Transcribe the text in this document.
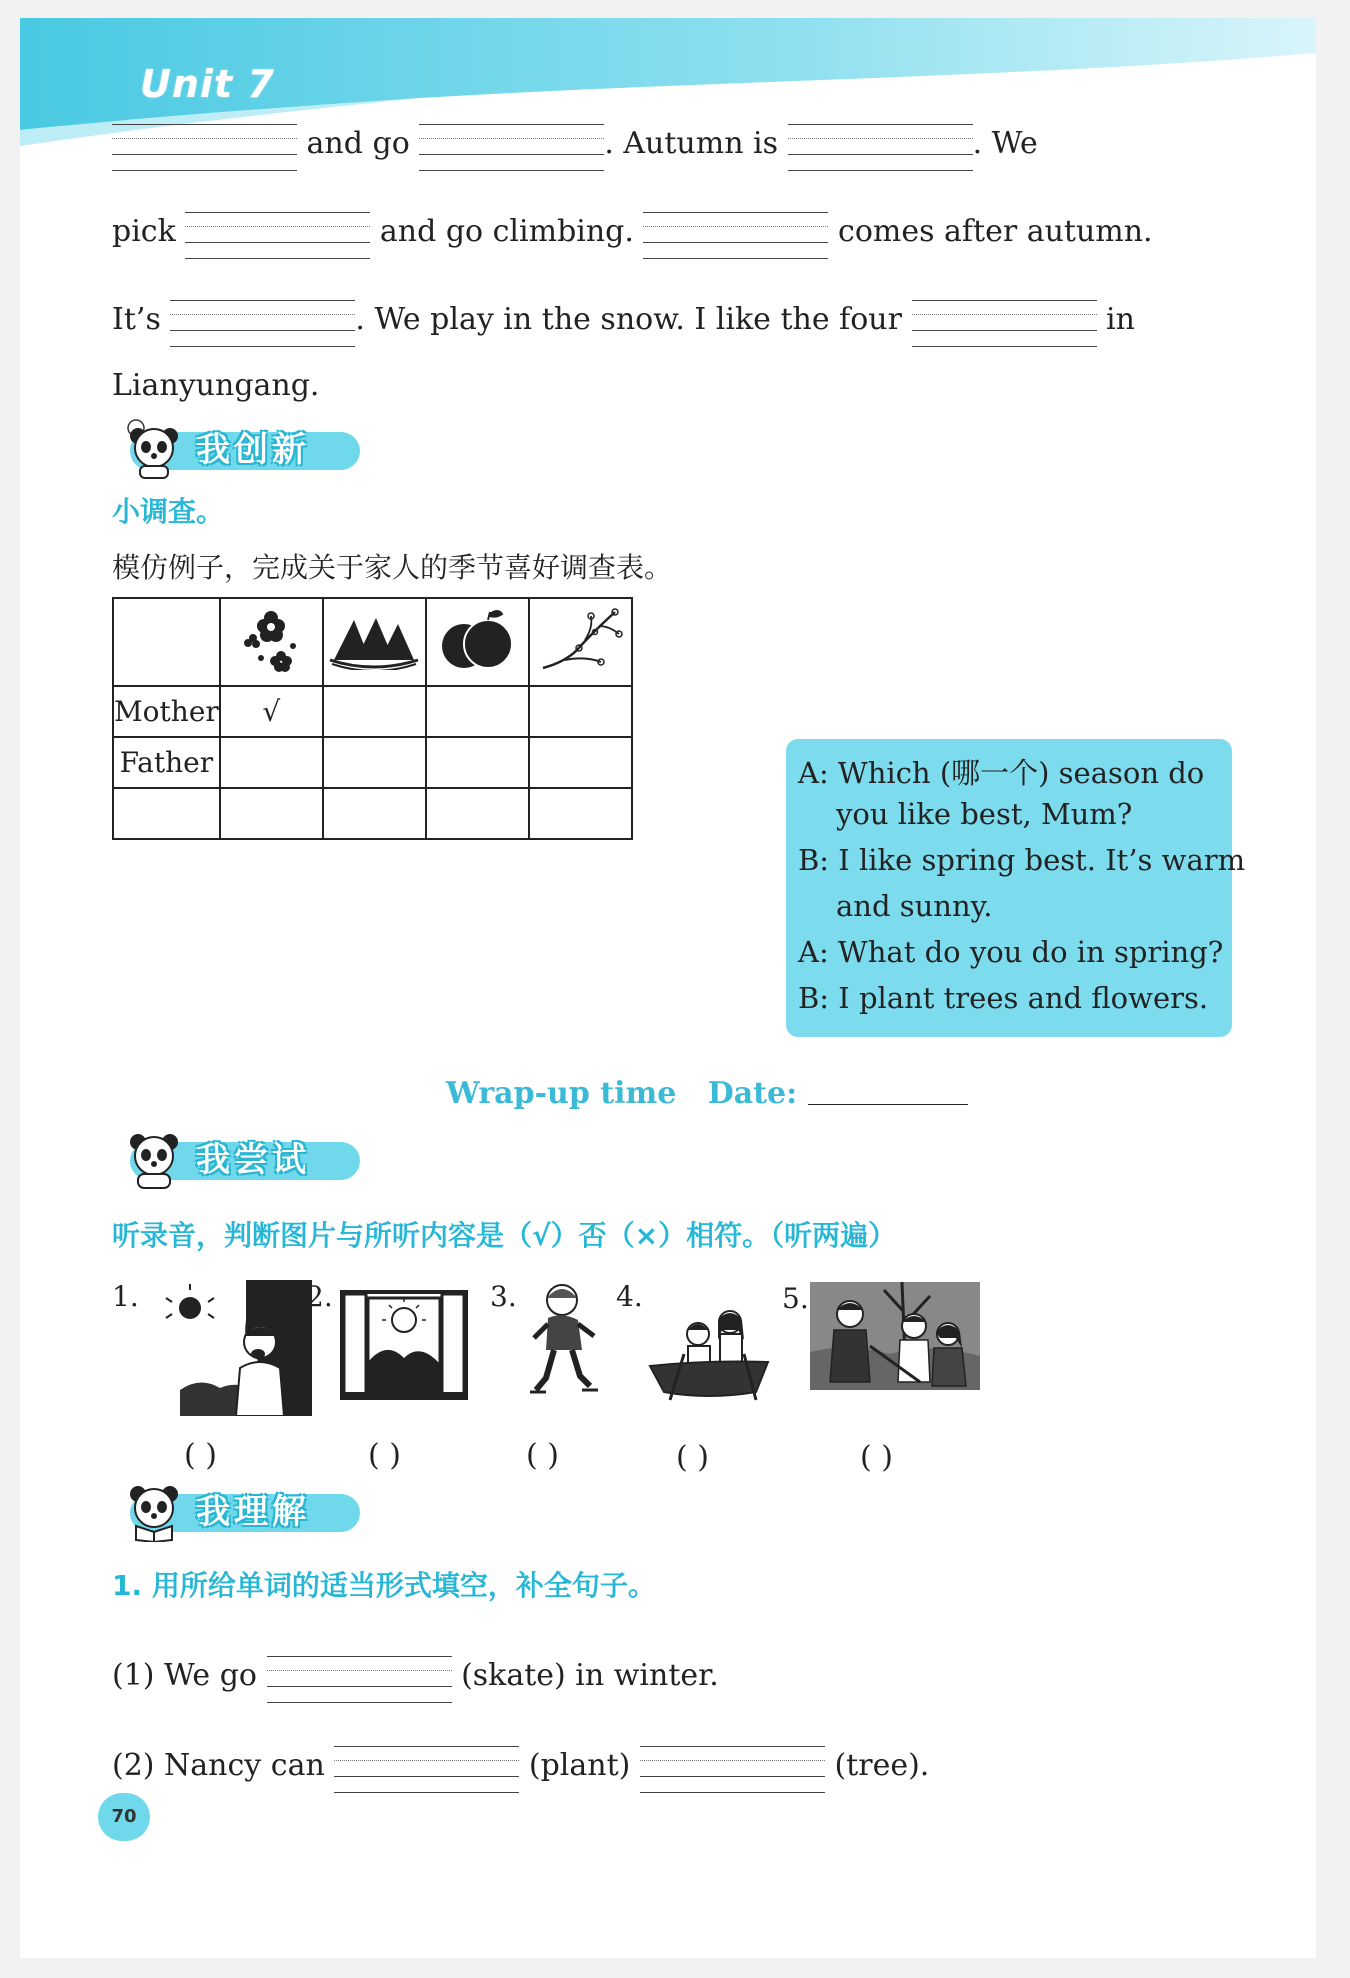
Unit 7
and go	. Autumn is	. We
pick	and go climbing.	comes after autumn.
It’s	. We play in the snow. I like the four	in
Lianyungang.
我创新
小调查。
模仿例子，完成关于家人的季节喜好调查表。

Mother	√			
Father				
					A: Which (哪一个) season do
you like best, Mum?
B: I like spring best. It’s warm
and sunny.
A: What do you do in spring?
B: I plant trees and flowers.
Wrap-up time Date:
我尝试
听录音，判断图片与所听内容是（√）否（×）相符。（听两遍）
1.
( )
2.
( )
3.
( )
4.
( )
5.
( )
我理解
1. 用所给单词的适当形式填空，补全句子。
(1) We go	(skate) in winter.
(2) Nancy can	(plant)	(tree).
70
